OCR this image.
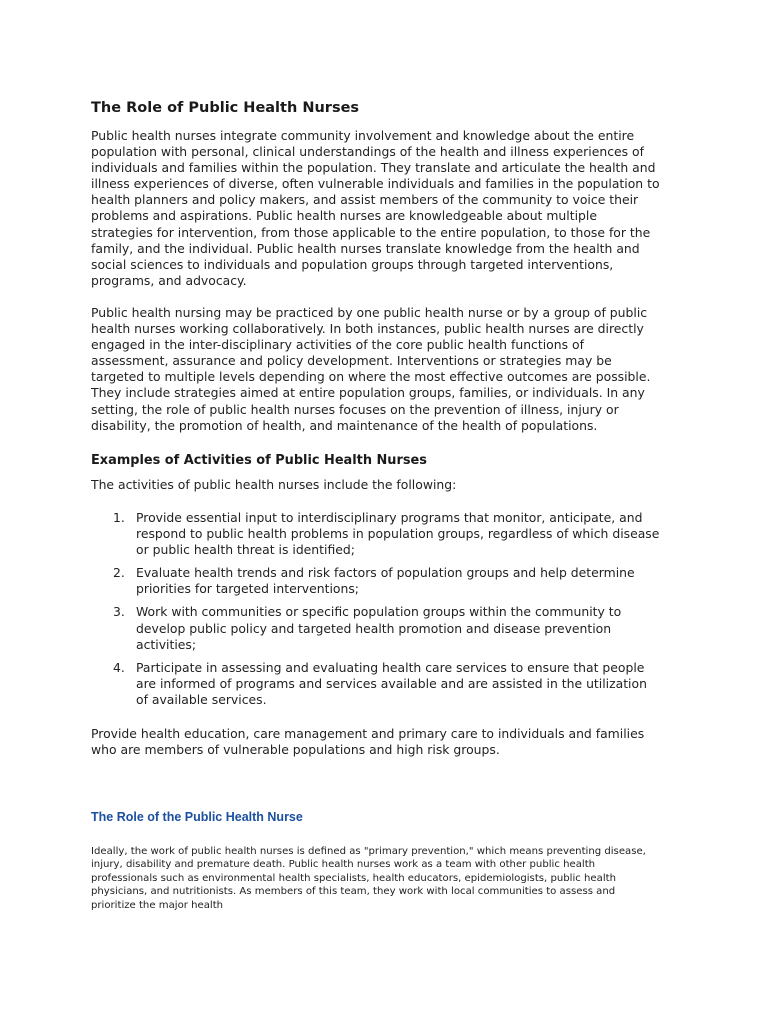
The Role of Public Health Nurses

Public health nurses integrate community involvement and knowledge about the entire population with personal, clinical understandings of the health and illness experiences of individuals and families within the population. They translate and articulate the health and illness experiences of diverse, often vulnerable individuals and families in the population to health planners and policy makers, and assist members of the community to voice their problems and aspirations. Public health nurses are knowledgeable about multiple strategies for intervention, from those applicable to the entire population, to those for the family, and the individual. Public health nurses translate knowledge from the health and social sciences to individuals and population groups through targeted interventions, programs, and advocacy.

Public health nursing may be practiced by one public health nurse or by a group of public health nurses working collaboratively. In both instances, public health nurses are directly engaged in the inter-disciplinary activities of the core public health functions of assessment, assurance and policy development. Interventions or strategies may be targeted to multiple levels depending on where the most effective outcomes are possible. They include strategies aimed at entire population groups, families, or individuals. In any setting, the role of public health nurses focuses on the prevention of illness, injury or disability, the promotion of health, and maintenance of the health of populations.

Examples of Activities of Public Health Nurses

The activities of public health nurses include the following:

1. Provide essential input to interdisciplinary programs that monitor, anticipate, and respond to public health problems in population groups, regardless of which disease or public health threat is identified;
2. Evaluate health trends and risk factors of population groups and help determine priorities for targeted interventions;
3. Work with communities or specific population groups within the community to develop public policy and targeted health promotion and disease prevention activities;
4. Participate in assessing and evaluating health care services to ensure that people are informed of programs and services available and are assisted in the utilization of available services.

Provide health education, care management and primary care to individuals and families who are members of vulnerable populations and high risk groups.

The Role of the Public Health Nurse

Ideally, the work of public health nurses is defined as "primary prevention," which means preventing disease, injury, disability and premature death. Public health nurses work as a team with other public health professionals such as environmental health specialists, health educators, epidemiologists, public health physicians, and nutritionists. As members of this team, they work with local communities to assess and prioritize the major health
